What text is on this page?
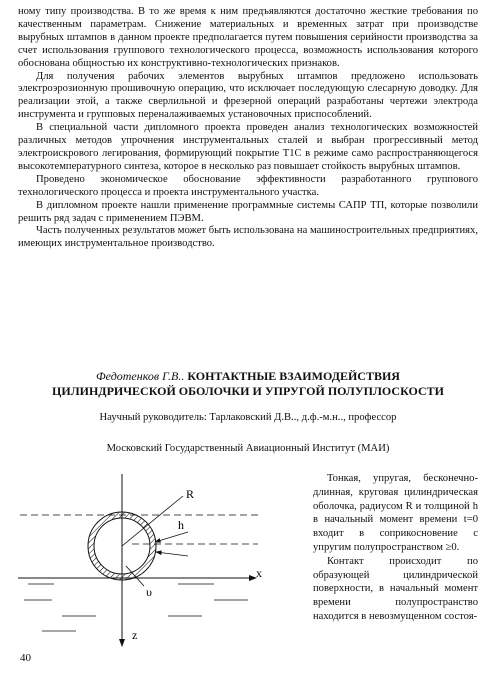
ному типу производства. В то же время к ним предъявляются достаточно жесткие требования по качественным параметрам. Снижение материальных и временных затрат при производстве вырубных штампов в данном проекте предполагается путем повышения серийности производства за счет использования группового технологического процесса, возможность использования которого обоснована общностью их конструктивно-технологических признаков.

Для получения рабочих элементов вырубных штампов предложено использовать электроэрозионную прошивочную операцию, что исключает последующую слесарную доводку. Для реализации этой, а также сверлильной и фрезерной операций разработаны чертежи электрода инструмента и групповых переналаживаемых установочных приспособлений.

В специальной части дипломного проекта проведен анализ технологических возможностей различных методов упрочнения инструментальных сталей и выбран прогрессивный метод электроискрового легирования, формирующий покрытие Т1С в режиме само распространяющегося высокотемпературного синтеза, которое в несколько раз повышает стойкость вырубных штампов.

Проведено экономическое обоснование эффективности разработанного группового технологического процесса и проекта инструментального участка.

В дипломном проекте нашли применение программные системы САПР ТП, которые позволили решить ряд задач с применением ПЭВМ.

Часть полученных результатов может быть использована на машиностроительных предприятиях, имеющих инструментальное производство.

Федотенков Г.В.. КОНТАКТНЫЕ ВЗАИМОДЕЙСТВИЯ
ЦИЛИНДРИЧЕСКОЙ ОБОЛОЧКИ И УПРУГОЙ ПОЛУПЛОСКОСТИ
Научный руководитель: Тарлаковский Д.В.., д.ф.-м.н.., профессор
Московский Государственный Авиационный Институт (МАИ)
R
h
x
υ
z

Тонкая, упругая, бесконечно-длинная, круговая цилиндрическая оболочка, радиусом R и толщиной h в начальный момент времени t=0 входит в соприкосновение с упругим полупространством ≥0.

Контакт происходит по образующей цилиндрической поверхности, в начальный момент времени полупространство находится в невозмущенном состоя-

40
